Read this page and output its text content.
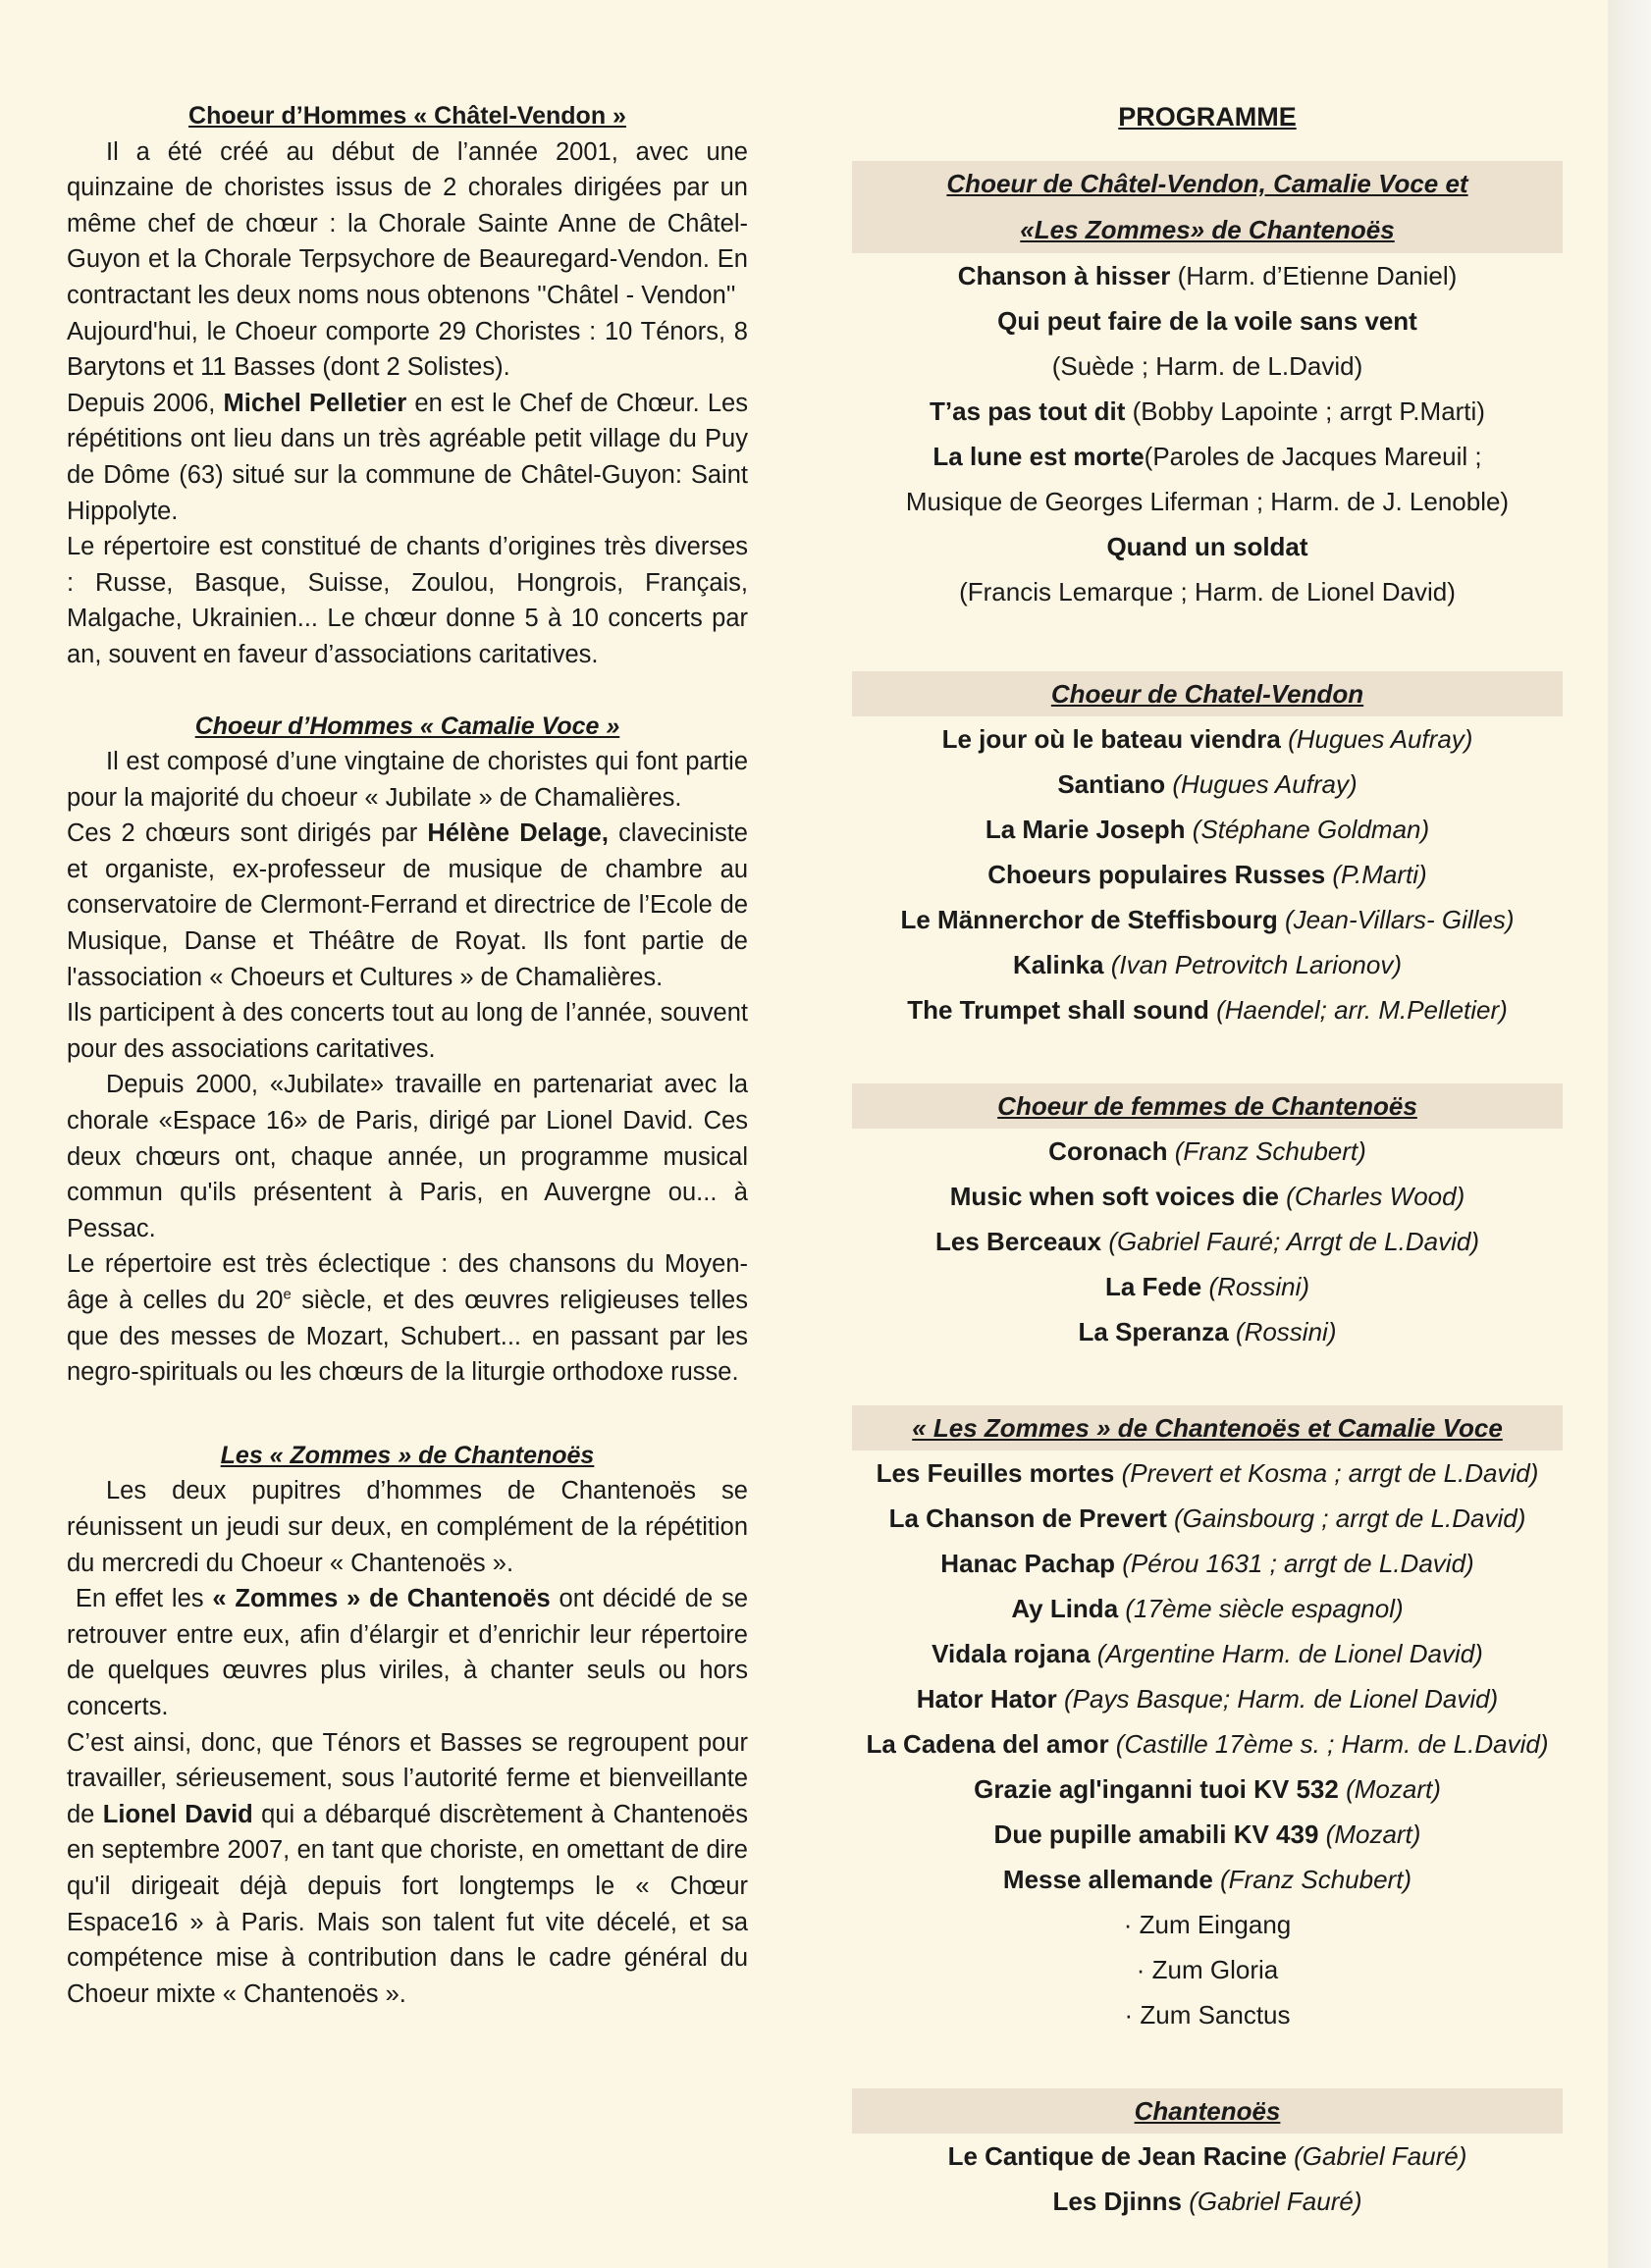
Choeur d’Hommes « Châtel-Vendon »

Il a été créé au début de l’année 2001, avec une quinzaine de choristes issus de 2 chorales dirigées par un même chef de chœur : la Chorale Sainte Anne de Châtel-Guyon et la Chorale Terpsychore de Beauregard-Vendon. En contractant les deux noms nous obtenons ''Châtel - Vendon''

Aujourd'hui, le Choeur comporte 29 Choristes : 10 Ténors, 8 Barytons et 11 Basses (dont 2 Solistes).

Depuis 2006, Michel Pelletier en est le Chef de Chœur. Les répétitions ont lieu dans un très agréable petit village du Puy de Dôme (63) situé sur la commune de Châtel-Guyon: Saint Hippolyte.

Le répertoire est constitué de chants d’origines très diverses : Russe, Basque, Suisse, Zoulou, Hongrois, Français, Malgache, Ukrainien... Le chœur donne 5 à 10 concerts par an, souvent en faveur d’associations caritatives.

Choeur d’Hommes « Camalie Voce »

Il est composé d’une vingtaine de choristes qui font partie pour la majorité du choeur « Jubilate » de Chamalières.

Ces 2 chœurs sont dirigés par Hélène Delage, claveciniste et organiste, ex-professeur de musique de chambre au conservatoire de Clermont-Ferrand et directrice de l’Ecole de Musique, Danse et Théâtre de Royat. Ils font partie de l'association « Choeurs et Cultures » de Chamalières.

Ils participent à des concerts tout au long de l’année, souvent pour des associations caritatives.

Depuis 2000, «Jubilate» travaille en partenariat avec la chorale «Espace 16» de Paris, dirigé par Lionel David. Ces deux chœurs ont, chaque année, un programme musical commun qu'ils présentent à Paris, en Auvergne ou... à Pessac.

Le répertoire est très éclectique : des chansons du Moyen-âge à celles du 20e siècle, et des œuvres religieuses telles que des messes de Mozart, Schubert... en passant par les negro-spirituals ou les chœurs de la liturgie orthodoxe russe.

Les « Zommes » de Chantenoës

Les deux pupitres d’hommes de Chantenoës se réunissent un jeudi sur deux, en complément de la répétition du mercredi du Choeur « Chantenoës ».

En effet les « Zommes » de Chantenoës ont décidé de se retrouver entre eux, afin d’élargir et d’enrichir leur répertoire de quelques œuvres plus viriles, à chanter seuls ou hors concerts.

C’est ainsi, donc, que Ténors et Basses se regroupent pour travailler, sérieusement, sous l’autorité ferme et bienveillante de Lionel David qui a débarqué discrètement à Chantenoës en septembre 2007, en tant que choriste, en omettant de dire qu'il dirigeait déjà depuis fort longtemps le « Chœur Espace16 » à Paris. Mais son talent fut vite décelé, et sa compétence mise à contribution dans le cadre général du Choeur mixte « Chantenoës ».

PROGRAMME
Choeur de Châtel-Vendon, Camalie Voce et
«Les Zommes» de Chantenoës
Chanson à hisser (Harm. d’Etienne Daniel)
Qui peut faire de la voile sans vent
(Suède ; Harm. de L.David)
T’as pas tout dit (Bobby Lapointe ; arrgt P.Marti)
La lune est morte(Paroles de Jacques Mareuil ;
Musique de Georges Liferman ; Harm. de J. Lenoble)
Quand un soldat
(Francis Lemarque ; Harm. de Lionel David)
Choeur de Chatel-Vendon
Le jour où le bateau viendra (Hugues Aufray)
Santiano (Hugues Aufray)
La Marie Joseph (Stéphane Goldman)
Choeurs populaires Russes (P.Marti)
Le Männerchor de Steffisbourg (Jean-Villars- Gilles)
Kalinka (Ivan Petrovitch Larionov)
The Trumpet shall sound (Haendel; arr. M.Pelletier)
Choeur de femmes de Chantenoës
Coronach (Franz Schubert)
Music when soft voices die (Charles Wood)
Les Berceaux (Gabriel Fauré; Arrgt de L.David)
La Fede (Rossini)
La Speranza (Rossini)
« Les Zommes » de Chantenoës et Camalie Voce
Les Feuilles mortes (Prevert et Kosma ; arrgt de L.David)
La Chanson de Prevert (Gainsbourg ; arrgt de L.David)
Hanac Pachap (Pérou 1631 ; arrgt de L.David)
Ay Linda (17ème siècle espagnol)
Vidala rojana (Argentine Harm. de Lionel David)
Hator Hator (Pays Basque; Harm. de Lionel David)
La Cadena del amor (Castille 17ème s. ; Harm. de L.David)
Grazie agl'inganni tuoi KV 532 (Mozart)
Due pupille amabili KV 439 (Mozart)
Messe allemande (Franz Schubert)
· Zum Eingang
· Zum Gloria
· Zum Sanctus
Chantenoës
Le Cantique de Jean Racine (Gabriel Fauré)
Les Djinns (Gabriel Fauré)
